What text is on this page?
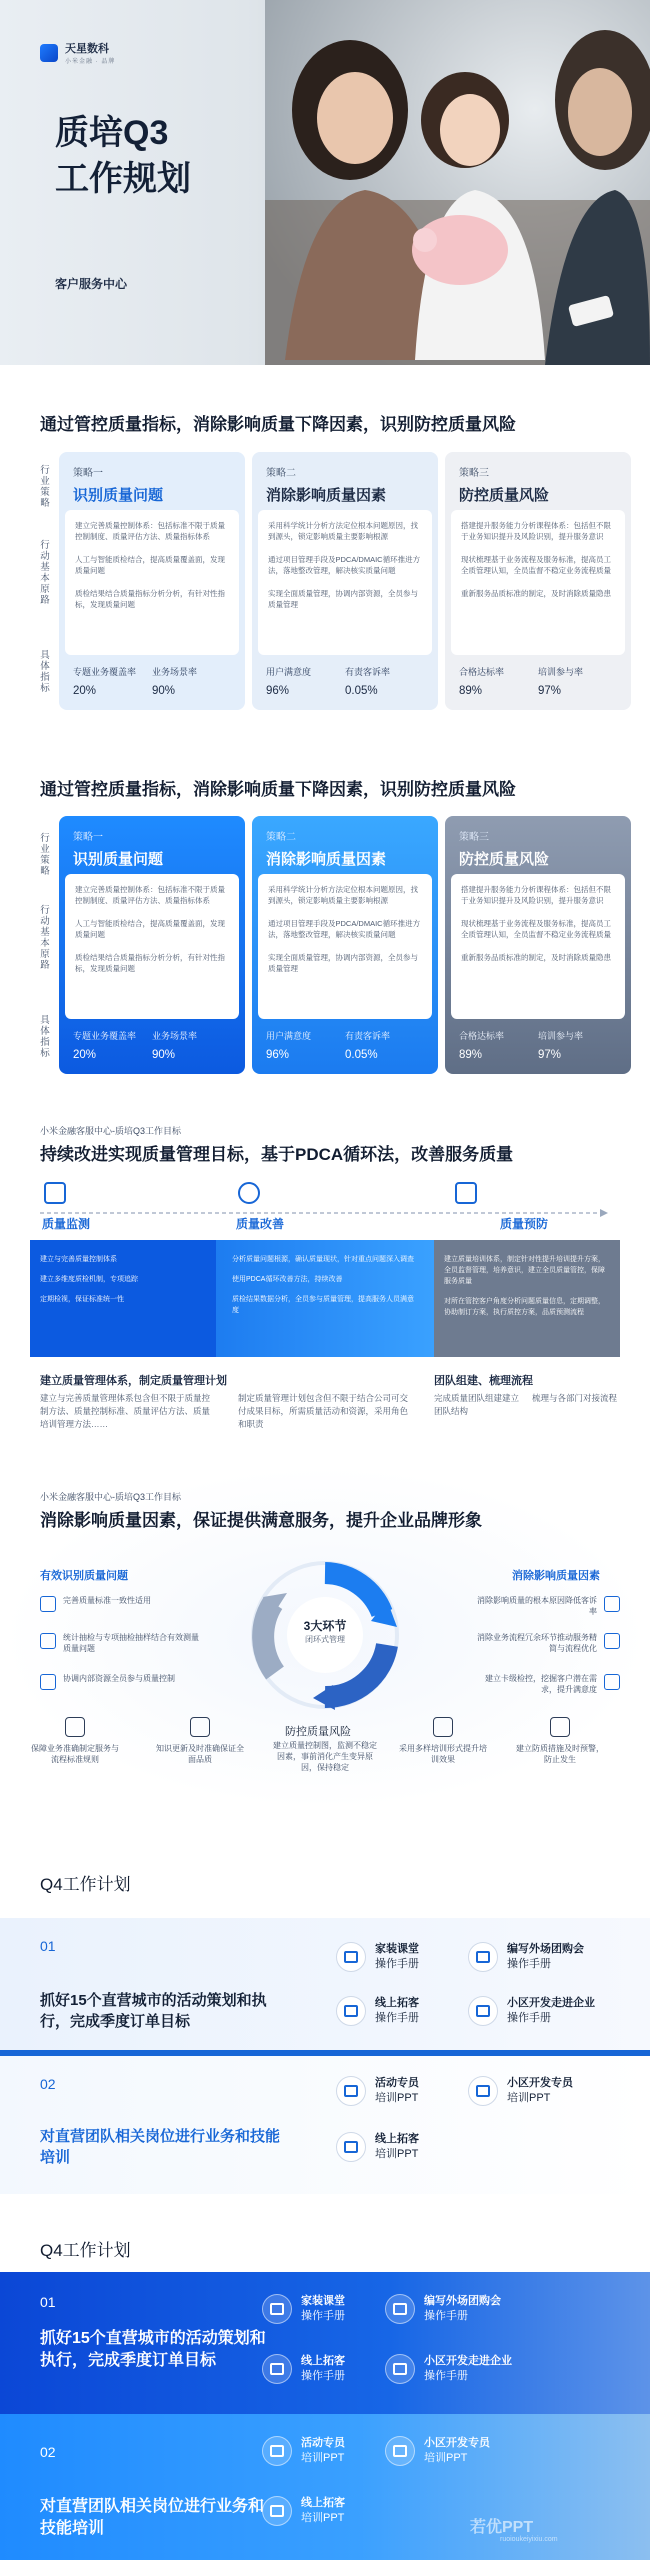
天星数科
小米金融 · 品牌
质培Q3
工作规划
客户服务中心
通过管控质量指标，消除影响质量下降因素，识别防控质量风险
行业策略
行动基本原路
具体指标
策略一
识别质量问题

建立完善质量控制体系：包括标准不限于质量控制制度、质量评估方法、质量指标体系

人工与智能质检结合，提高质量覆盖面，发现质量问题

质检结果结合质量指标分析分析，有针对性指标，发现质量问题

专题业务覆盖率
20%
业务场景率
90%
策略二
消除影响质量因素

采用科学统计分析方法定位根本问题原因，找到源头，锁定影响质量主要影响根源

通过项目管理手段及PDCA/DMAIC循环推进方法，落地整改管理，解决核实质量问题

实现全面质量管理，协调内部资源，全员参与质量管理

用户满意度
96%
有责客诉率
0.05%
策略三
防控质量风险

搭建提升服务能力分析课程体系：包括但不限于业务知识提升及风险识别，提升服务意识

现状梳理基于业务流程及服务标准，提高员工全质管理认知，全员监督不稳定业务流程质量

重新服务品质标准的制定，及时消除质量隐患

合格达标率
89%
培训参与率
97%
通过管控质量指标，消除影响质量下降因素，识别防控质量风险
行业策略
行动基本原路
具体指标
策略一
识别质量问题

建立完善质量控制体系：包括标准不限于质量控制制度、质量评估方法、质量指标体系

人工与智能质检结合，提高质量覆盖面，发现质量问题

质检结果结合质量指标分析分析，有针对性指标，发现质量问题

专题业务覆盖率
20%
业务场景率
90%
策略二
消除影响质量因素

采用科学统计分析方法定位根本问题原因，找到源头，锁定影响质量主要影响根源

通过项目管理手段及PDCA/DMAIC循环推进方法，落地整改管理，解决核实质量问题

实现全面质量管理，协调内部资源，全员参与质量管理

用户满意度
96%
有责客诉率
0.05%
策略三
防控质量风险

搭建提升服务能力分析课程体系：包括但不限于业务知识提升及风险识别，提升服务意识

现状梳理基于业务流程及服务标准，提高员工全质管理认知，全员监督不稳定业务流程质量

重新服务品质标准的制定，及时消除质量隐患

合格达标率
89%
培训参与率
97%
小米金融客服中心-质培Q3工作目标
持续改进实现质量管理目标，基于PDCA循环法，改善服务质量
质量监测	质量改善	质量预防

建立与完善质量控制体系

建立多维度质检机制，专项追踪

定期检视，保证标准统一性

分析质量问题根源，确认质量现状，针对重点问题深入调查

使用PDCA循环改善方法，持续改善

质检结果数据分析，全员参与质量管理，提高服务人员满意度

建立质量培训体系，制定针对性提升培训提升方案，全员监督管理，培养意识，建立全员质量管控，保障服务质量

对所在管控客户角度分析问题质量信息，定期调整，协助制订方案，执行质控方案，品质预测流程

建立质量管理体系，制定质量管理计划
建立与完善质量管理体系包含但不限于质量控制方法、质量控制标准、质量评估方法、质量培训管理方法……
制定质量管理计划包含但不限于结合公司可交付成果目标，所需质量活动和资源，采用角色和职责
团队组建、梳理流程
完成质量团队组建建立团队结构
梳理与各部门对接流程
小米金融客服中心-质培Q3工作目标
消除影响质量因素，保证提供满意服务，提升企业品牌形象
有效识别质量问题
完善质量标准一致性适用
统计抽检与专项抽检抽样结合有效测量质量问题
协调内部资源全员参与质量控制
消除影响质量因素
消除影响质量的根本原因降低客诉率
消除业务流程冗余环节推动服务精简与流程优化
建立卡级检控，挖掘客户潜在需求，提升满意度
3大环节
闭环式管理
防控质量风险
保障业务准确制定服务与流程标准规则
知识更新及时准确保证全面品质
建立质量控制图，监测不稳定因素，事前消化产生变异原因，保持稳定
采用多样培训形式提升培训效果
建立防质措施及时预警，防止发生
Q4工作计划
01
抓好15个直营城市的活动策划和执行，完成季度订单目标
家装课堂
操作手册
编写外场团购会
操作手册
线上拓客
操作手册
小区开发走进企业
操作手册
02
对直营团队相关岗位进行业务和技能培训
活动专员
培训PPT
小区开发专员
培训PPT
线上拓客
培训PPT
Q4工作计划
01
抓好15个直营城市的活动策划和执行，完成季度订单目标
家装课堂
操作手册
编写外场团购会
操作手册
线上拓客
操作手册
小区开发走进企业
操作手册
02
对直营团队相关岗位进行业务和技能培训
活动专员
培训PPT
小区开发专员
培训PPT
线上拓客
培训PPT
若优PPT
ruoioukeiyixiu.com
